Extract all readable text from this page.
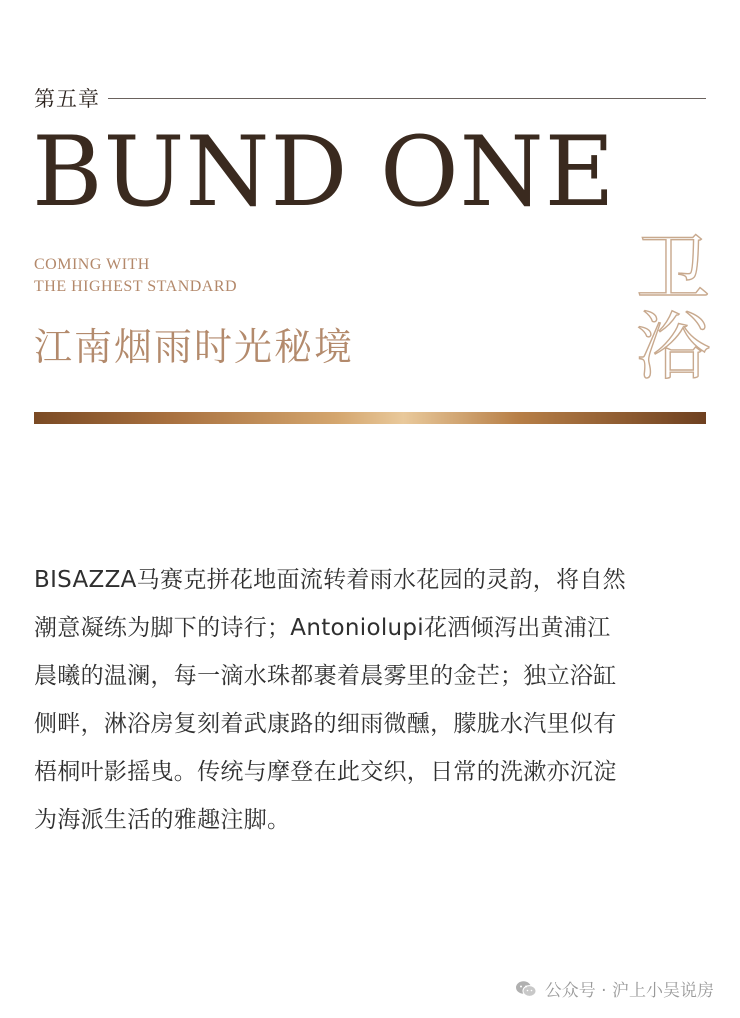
第五章
BUND ONE
COMING WITH
THE HIGHEST STANDARD
江南烟雨时光秘境
卫
浴
BISAZZA马赛克拼花地面流转着雨水花园的灵韵，将自然
潮意凝练为脚下的诗行；Antoniolupi花洒倾泻出黄浦江
晨曦的温澜，每一滴水珠都裹着晨雾里的金芒；独立浴缸
侧畔，淋浴房复刻着武康路的细雨微醺，朦胧水汽里似有
梧桐叶影摇曳。传统与摩登在此交织，日常的洗漱亦沉淀
为海派生活的雅趣注脚。
公众号 · 沪上小吴说房
